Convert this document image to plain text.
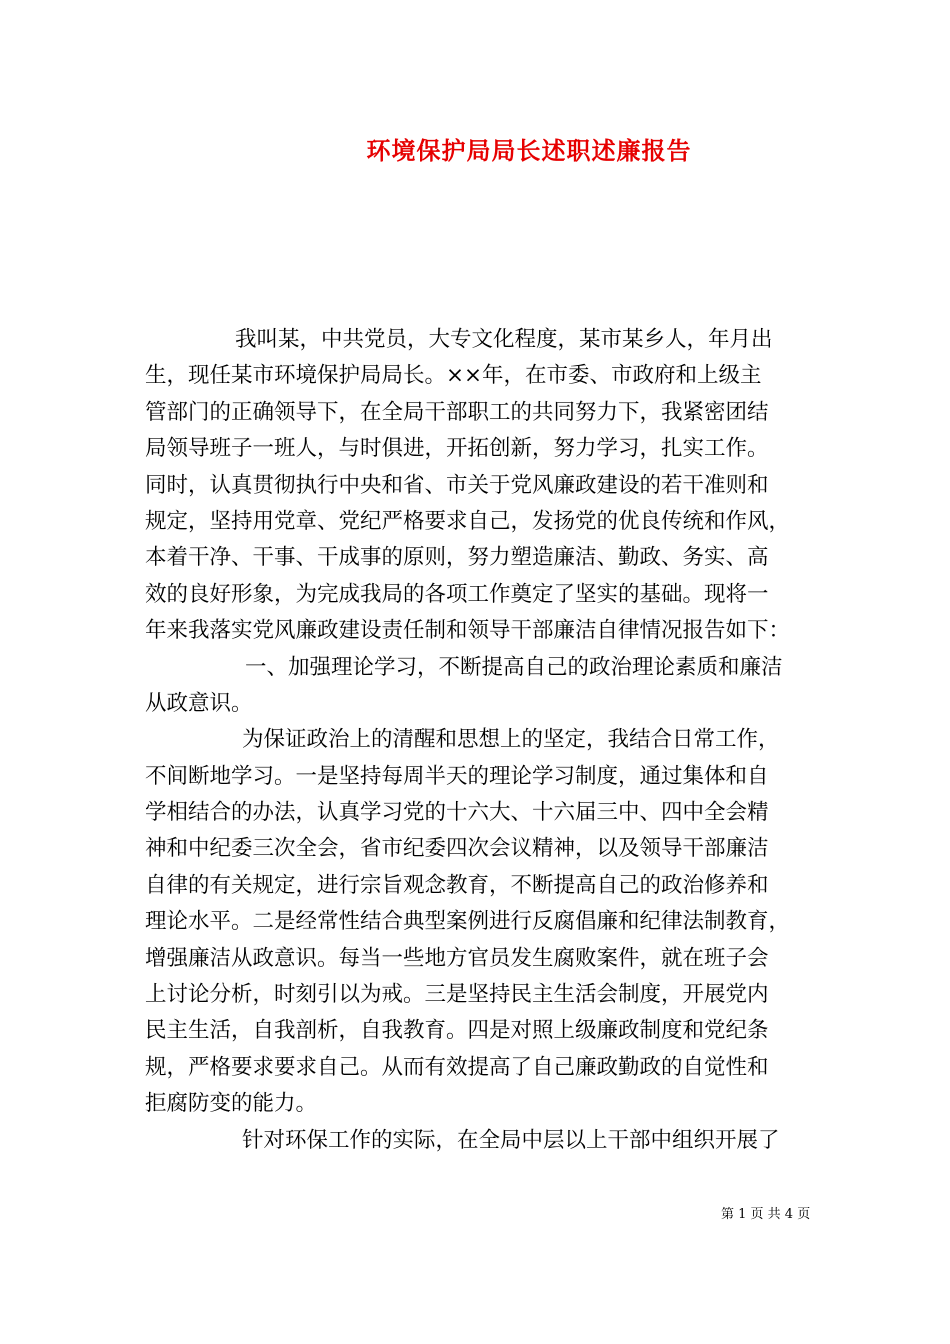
环境保护局局长述职述廉报告
我叫某，中共党员，大专文化程度，某市某乡人，年月出
生，现任某市环境保护局局长。××年，在市委、市政府和上级主
管部门的正确领导下，在全局干部职工的共同努力下，我紧密团结
局领导班子一班人，与时俱进，开拓创新，努力学习，扎实工作。
同时，认真贯彻执行中央和省、市关于党风廉政建设的若干准则和
规定，坚持用党章、党纪严格要求自己，发扬党的优良传统和作风，
本着干净、干事、干成事的原则，努力塑造廉洁、勤政、务实、高
效的良好形象，为完成我局的各项工作奠定了坚实的基础。现将一
年来我落实党风廉政建设责任制和领导干部廉洁自律情况报告如下：
一、加强理论学习，不断提高自己的政治理论素质和廉洁
从政意识。
为保证政治上的清醒和思想上的坚定，我结合日常工作，
不间断地学习。一是坚持每周半天的理论学习制度，通过集体和自
学相结合的办法，认真学习党的十六大、十六届三中、四中全会精
神和中纪委三次全会，省市纪委四次会议精神，以及领导干部廉洁
自律的有关规定，进行宗旨观念教育，不断提高自己的政治修养和
理论水平。二是经常性结合典型案例进行反腐倡廉和纪律法制教育，
增强廉洁从政意识。每当一些地方官员发生腐败案件，就在班子会
上讨论分析，时刻引以为戒。三是坚持民主生活会制度，开展党内
民主生活，自我剖析，自我教育。四是对照上级廉政制度和党纪条
规，严格要求要求自己。从而有效提高了自己廉政勤政的自觉性和
拒腐防变的能力。
针对环保工作的实际，在全局中层以上干部中组织开展了
第 1 页 共 4 页
